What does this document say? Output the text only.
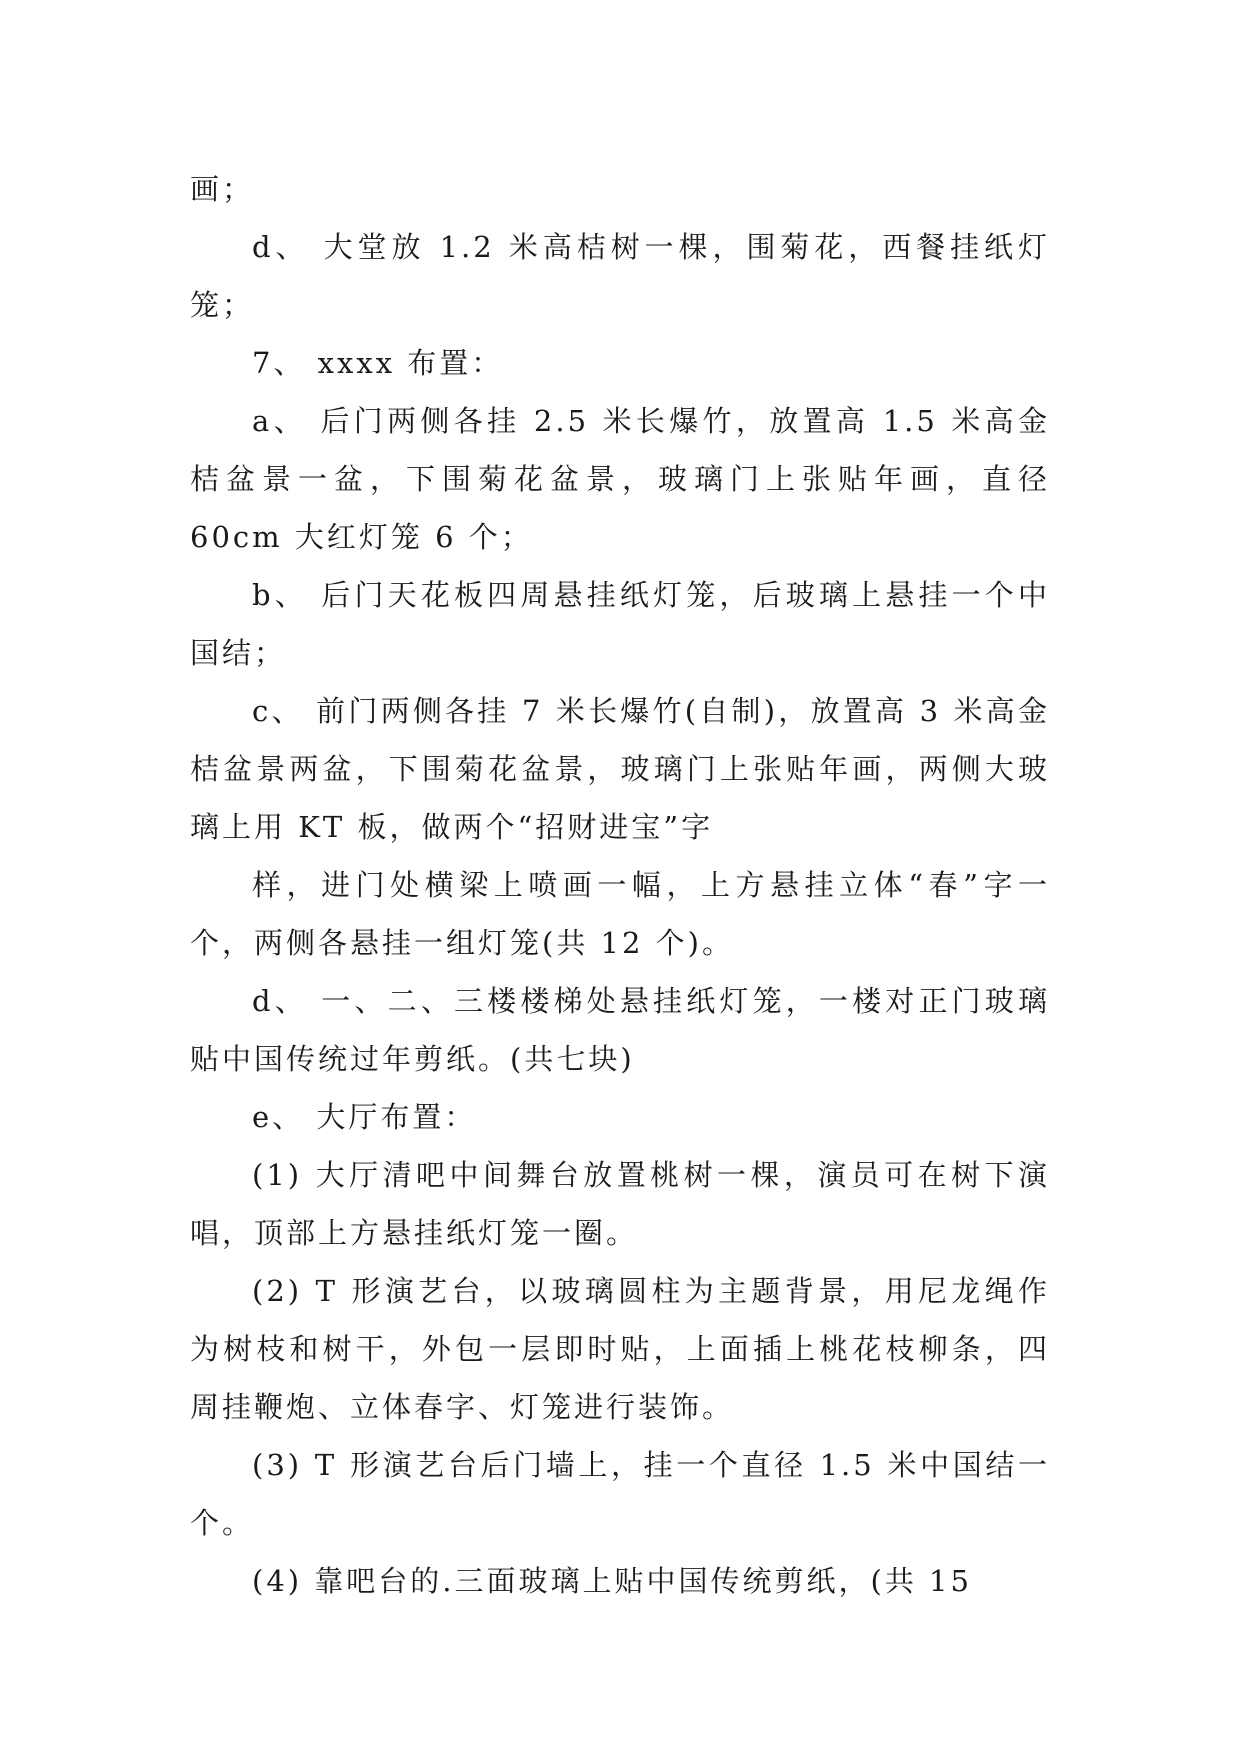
画；

d、 大堂放 1.2 米高桔树一棵，围菊花，西餐挂纸灯笼；

7、 xxxx 布置：

a、 后门两侧各挂 2.5 米长爆竹，放置高 1.5 米高金桔盆景一盆，下围菊花盆景，玻璃门上张贴年画，直径 60cm 大红灯笼 6 个；

b、 后门天花板四周悬挂纸灯笼，后玻璃上悬挂一个中国结；

c、 前门两侧各挂 7 米长爆竹(自制)，放置高 3 米高金桔盆景两盆，下围菊花盆景，玻璃门上张贴年画，两侧大玻璃上用 KT 板，做两个“招财进宝”字

样，进门处横梁上喷画一幅，上方悬挂立体“春”字一个，两侧各悬挂一组灯笼(共 12 个)。

d、 一、二、三楼楼梯处悬挂纸灯笼，一楼对正门玻璃贴中国传统过年剪纸。(共七块)

e、 大厅布置：

(1) 大厅清吧中间舞台放置桃树一棵，演员可在树下演唱，顶部上方悬挂纸灯笼一圈。

(2) T 形演艺台，以玻璃圆柱为主题背景，用尼龙绳作为树枝和树干，外包一层即时贴，上面插上桃花枝柳条，四周挂鞭炮、立体春字、灯笼进行装饰。

(3) T 形演艺台后门墙上，挂一个直径 1.5 米中国结一个。

(4) 靠吧台的.三面玻璃上贴中国传统剪纸，(共 15
